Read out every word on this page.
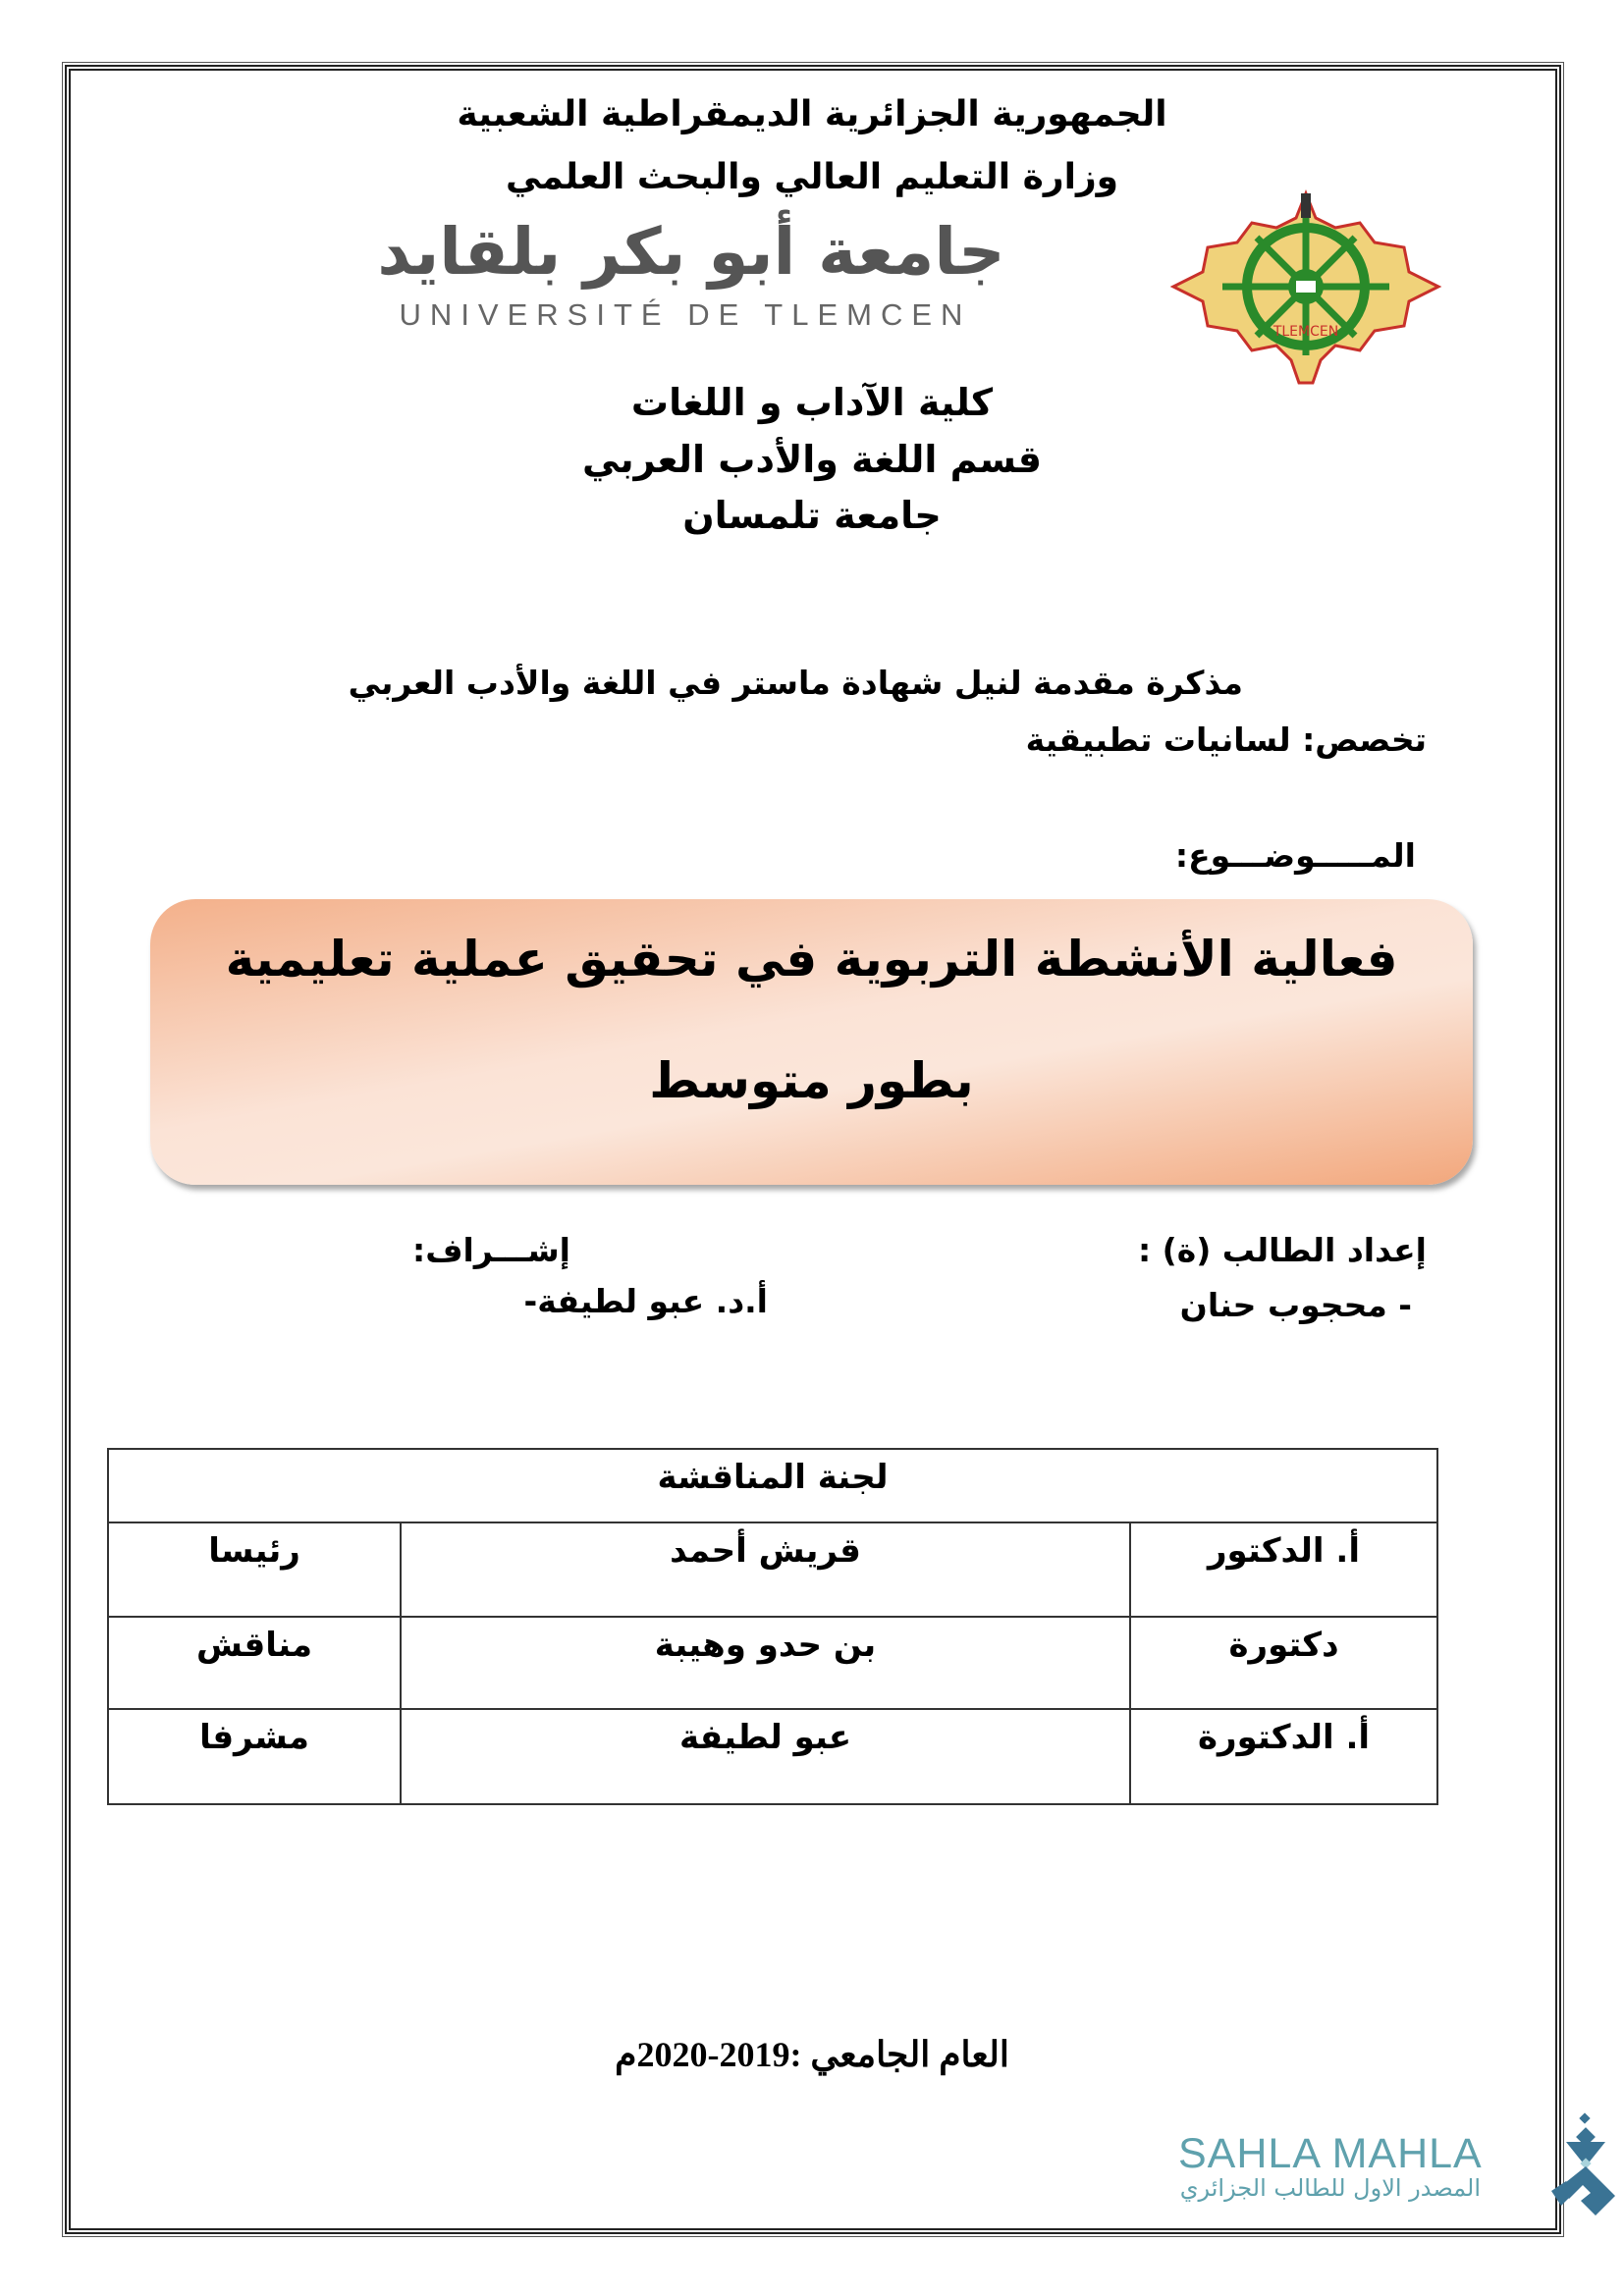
الجمهورية الجزائرية الديمقراطية الشعبية
وزارة التعليم العالي والبحث العلمي
جامعة أبو بكر بلقايد
UNIVERSITÉ DE TLEMCEN	TLEMCEN
كلية الآداب و اللغات
قسم اللغة والأدب العربي
جامعة تلمسان
مذكرة مقدمة لنيل شهادة ماستر في اللغة والأدب العربي
تخصص: لسانيات تطبيقية
المـــــوضـــوع:
فعالية الأنشطة التربوية في تحقيق عملية تعليمية
بطور متوسط
إعداد الطالب (ة) :
- محجوب حنان
إشـــراف:
أ.د. عبو لطيفة-
لجنة المناقشة		
رئيسا	قريش أحمد	أ. الدكتور
مناقش	بن حدو وهيبة	دكتورة
مشرفا	عبو لطيفة	أ. الدكتورة
العام الجامعي :2019-2020م
SAHLA MAHLA
المصدر الاول للطالب الجزائري
